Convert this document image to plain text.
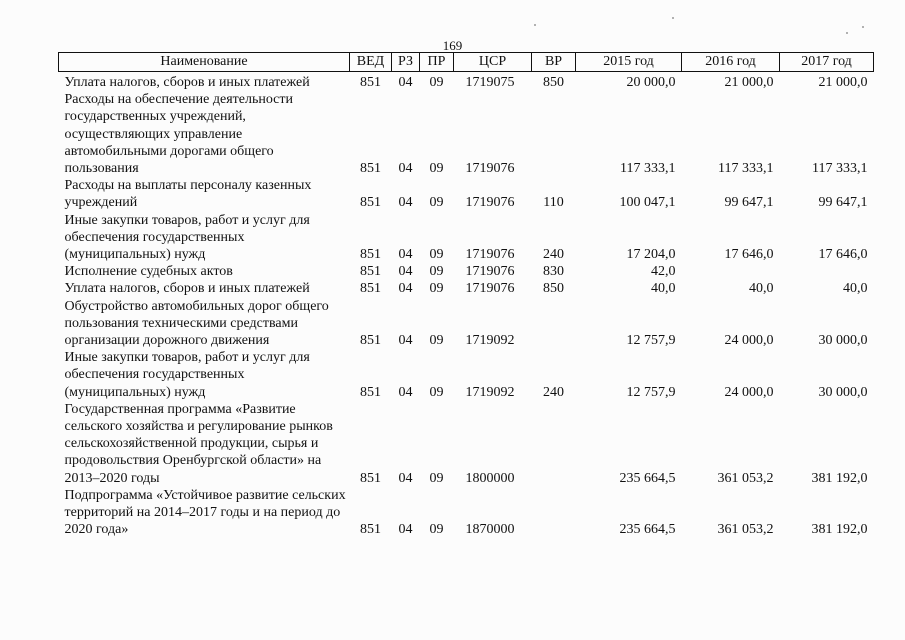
169
Наименование	ВЕД	РЗ	ПР	ЦСР	ВР	2015 год	2016 год	2017 год
Уплата налогов, сборов и иных платежей	851	04	09	1719075	850	20 000,0	21 000,0	21 000,0
Расходы на обеспечение деятельности государственных учреждений, осуществляющих управление автомобильными дорогами общего пользования	851	04	09	1719076		117 333,1	117 333,1	117 333,1
Расходы на выплаты персоналу казенных учреждений	851	04	09	1719076	110	100 047,1	99 647,1	99 647,1
Иные закупки товаров, работ и услуг для обеспечения государственных (муниципальных) нужд	851	04	09	1719076	240	17 204,0	17 646,0	17 646,0
Исполнение судебных актов	851	04	09	1719076	830	42,0		
Уплата налогов, сборов и иных платежей	851	04	09	1719076	850	40,0	40,0	40,0
Обустройство автомобильных дорог общего пользования техническими средствами организации дорожного движения	851	04	09	1719092		12 757,9	24 000,0	30 000,0
Иные закупки товаров, работ и услуг для обеспечения государственных (муниципальных) нужд	851	04	09	1719092	240	12 757,9	24 000,0	30 000,0
Государственная программа «Развитие сельского хозяйства и регулирование рынков сельскохозяйственной продукции, сырья и продовольствия Оренбургской области» на 2013–2020 годы	851	04	09	1800000		235 664,5	361 053,2	381 192,0
Подпрограмма «Устойчивое развитие сельских территорий на 2014–2017 годы и на период до 2020 года»	851	04	09	1870000		235 664,5	361 053,2	381 192,0
